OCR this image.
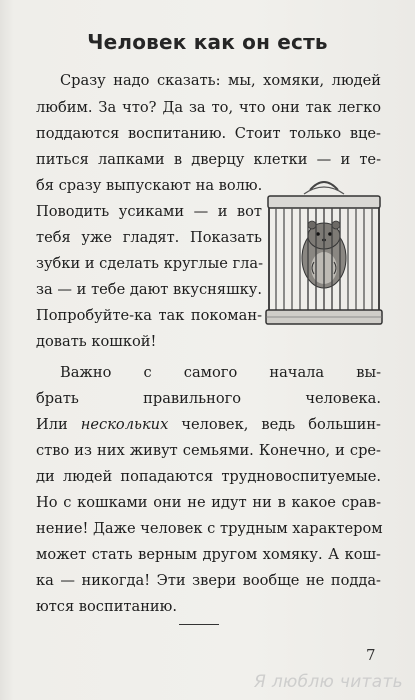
Человек как он есть
Сразу надо сказать: мы, хомяки, людей
любим. За что? Да за то, что они так легко
поддаются воспитанию. Стоит только вце-
питься лапками в дверцу клетки — и те-
бя сразу выпускают на волю.
Поводить усиками — и вот
тебя уже гладят. Показать
зубки и сделать круглые гла-
за — и тебе дают вкусняшку.
Попробуйте-ка так покоман-
довать кошкой!
Важно с самого начала вы-
брать правильного человека.
Или нескольких человек, ведь большин-
ство из них живут семьями. Конечно, и сре-
ди людей попадаются трудновоспитуемые.
Но с кошками они не идут ни в какое срав-
нение! Даже человек с трудным характером
может стать верным другом хомяку. А кош-
ка — никогда! Эти звери вообще не подда-
ются воспитанию.
7
Я люблю читать
